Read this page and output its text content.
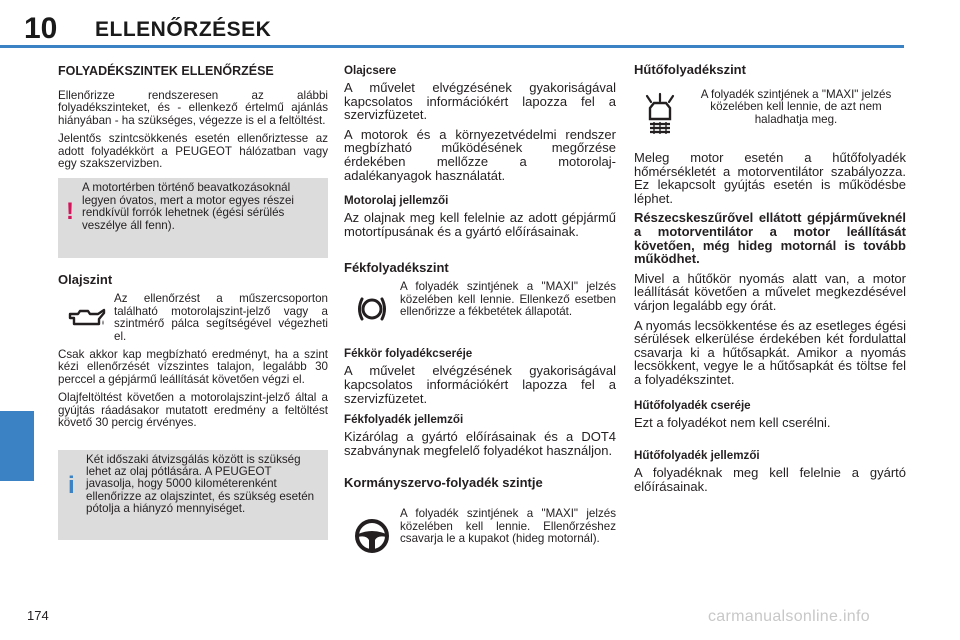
10 ELLENŐRZÉSEK
FOLYADÉKSZINTEK ELLENŐRZÉSE

Ellenőrizze rendszeresen az alábbi folyadékszinteket, és - ellenkező értelmű ajánlás hiányában - ha szükséges, végezze is el a feltöltést.

Jelentős szintcsökkenés esetén ellenőriztesse az adott folyadékkört a PEUGEOT hálózatban vagy egy szakszervizben.

!

A motortérben történő beavatkozásoknál legyen óvatos, mert a motor egyes részei rendkívül forrók lehetnek (égési sérülés veszélye áll fenn).

Olajszint

Az ellenőrzést a műszercsoporton található motorolajszint-jelző vagy a szintmérő pálca segítségével végezheti el.

Csak akkor kap megbízható eredményt, ha a szint kézi ellenőrzését vízszintes talajon, legalább 30 perccel a gépjármű leállítását követően végzi el.

Olajfeltöltést követően a motorolajszint-jelző által a gyújtás ráadásakor mutatott eredmény a feltöltést követő 30 percig érvényes.

i

Két időszaki átvizsgálás között is szükség lehet az olaj pótlására. A PEUGEOT javasolja, hogy 5000 kilométerenként ellenőrizze az olajszintet, és szükség esetén pótolja a hiányzó mennyiséget.

Olajcsere

A művelet elvégzésének gyakoriságával kapcsolatos információkért lapozza fel a szervizfüzetet.

A motorok és a környezetvédelmi rendszer megbízható működésének megőrzése érdekében mellőzze a motorolaj-adalékanyagok használatát.

Motorolaj jellemzői

Az olajnak meg kell felelnie az adott gépjármű motortípusának és a gyártó előírásainak.

Fékfolyadékszint

A folyadék szintjének a "MAXI" jelzés közelében kell lennie. Ellenkező esetben ellenőrizze a fékbetétek állapotát.

Fékkör folyadékcseréje

A művelet elvégzésének gyakoriságával kapcsolatos információkért lapozza fel a szervizfüzetet.

Fékfolyadék jellemzői

Kizárólag a gyártó előírásainak és a DOT4 szabványnak megfelelő folyadékot használjon.

Kormányszervo-folyadék szintje

A folyadék szintjének a "MAXI" jelzés közelében kell lennie. Ellenőrzéshez csavarja le a kupakot (hideg motornál).

Hűtőfolyadékszint

A folyadék szintjének a "MAXI" jelzés közelében kell lennie, de azt nem haladhatja meg.

Meleg motor esetén a hűtőfolyadék hőmérsékletét a motorventilátor szabályozza. Ez lekapcsolt gyújtás esetén is működésbe léphet.

Részecskeszűrővel ellátott gépjárműveknél a motorventilátor a motor leállítását követően, még hideg motornál is tovább működhet.

Mivel a hűtőkör nyomás alatt van, a motor leállítását követően a művelet megkezdésével várjon legalább egy órát.

A nyomás lecsökkentése és az esetleges égési sérülések elkerülése érdekében két fordulattal csavarja ki a hűtősapkát. Amikor a nyomás lecsökkent, vegye le a hűtősapkát és töltse fel a folyadékszintet.

Hűtőfolyadék cseréje

Ezt a folyadékot nem kell cserélni.

Hűtőfolyadék jellemzői

A folyadéknak meg kell felelnie a gyártó előírásainak.

174	carmanualsonline.info
